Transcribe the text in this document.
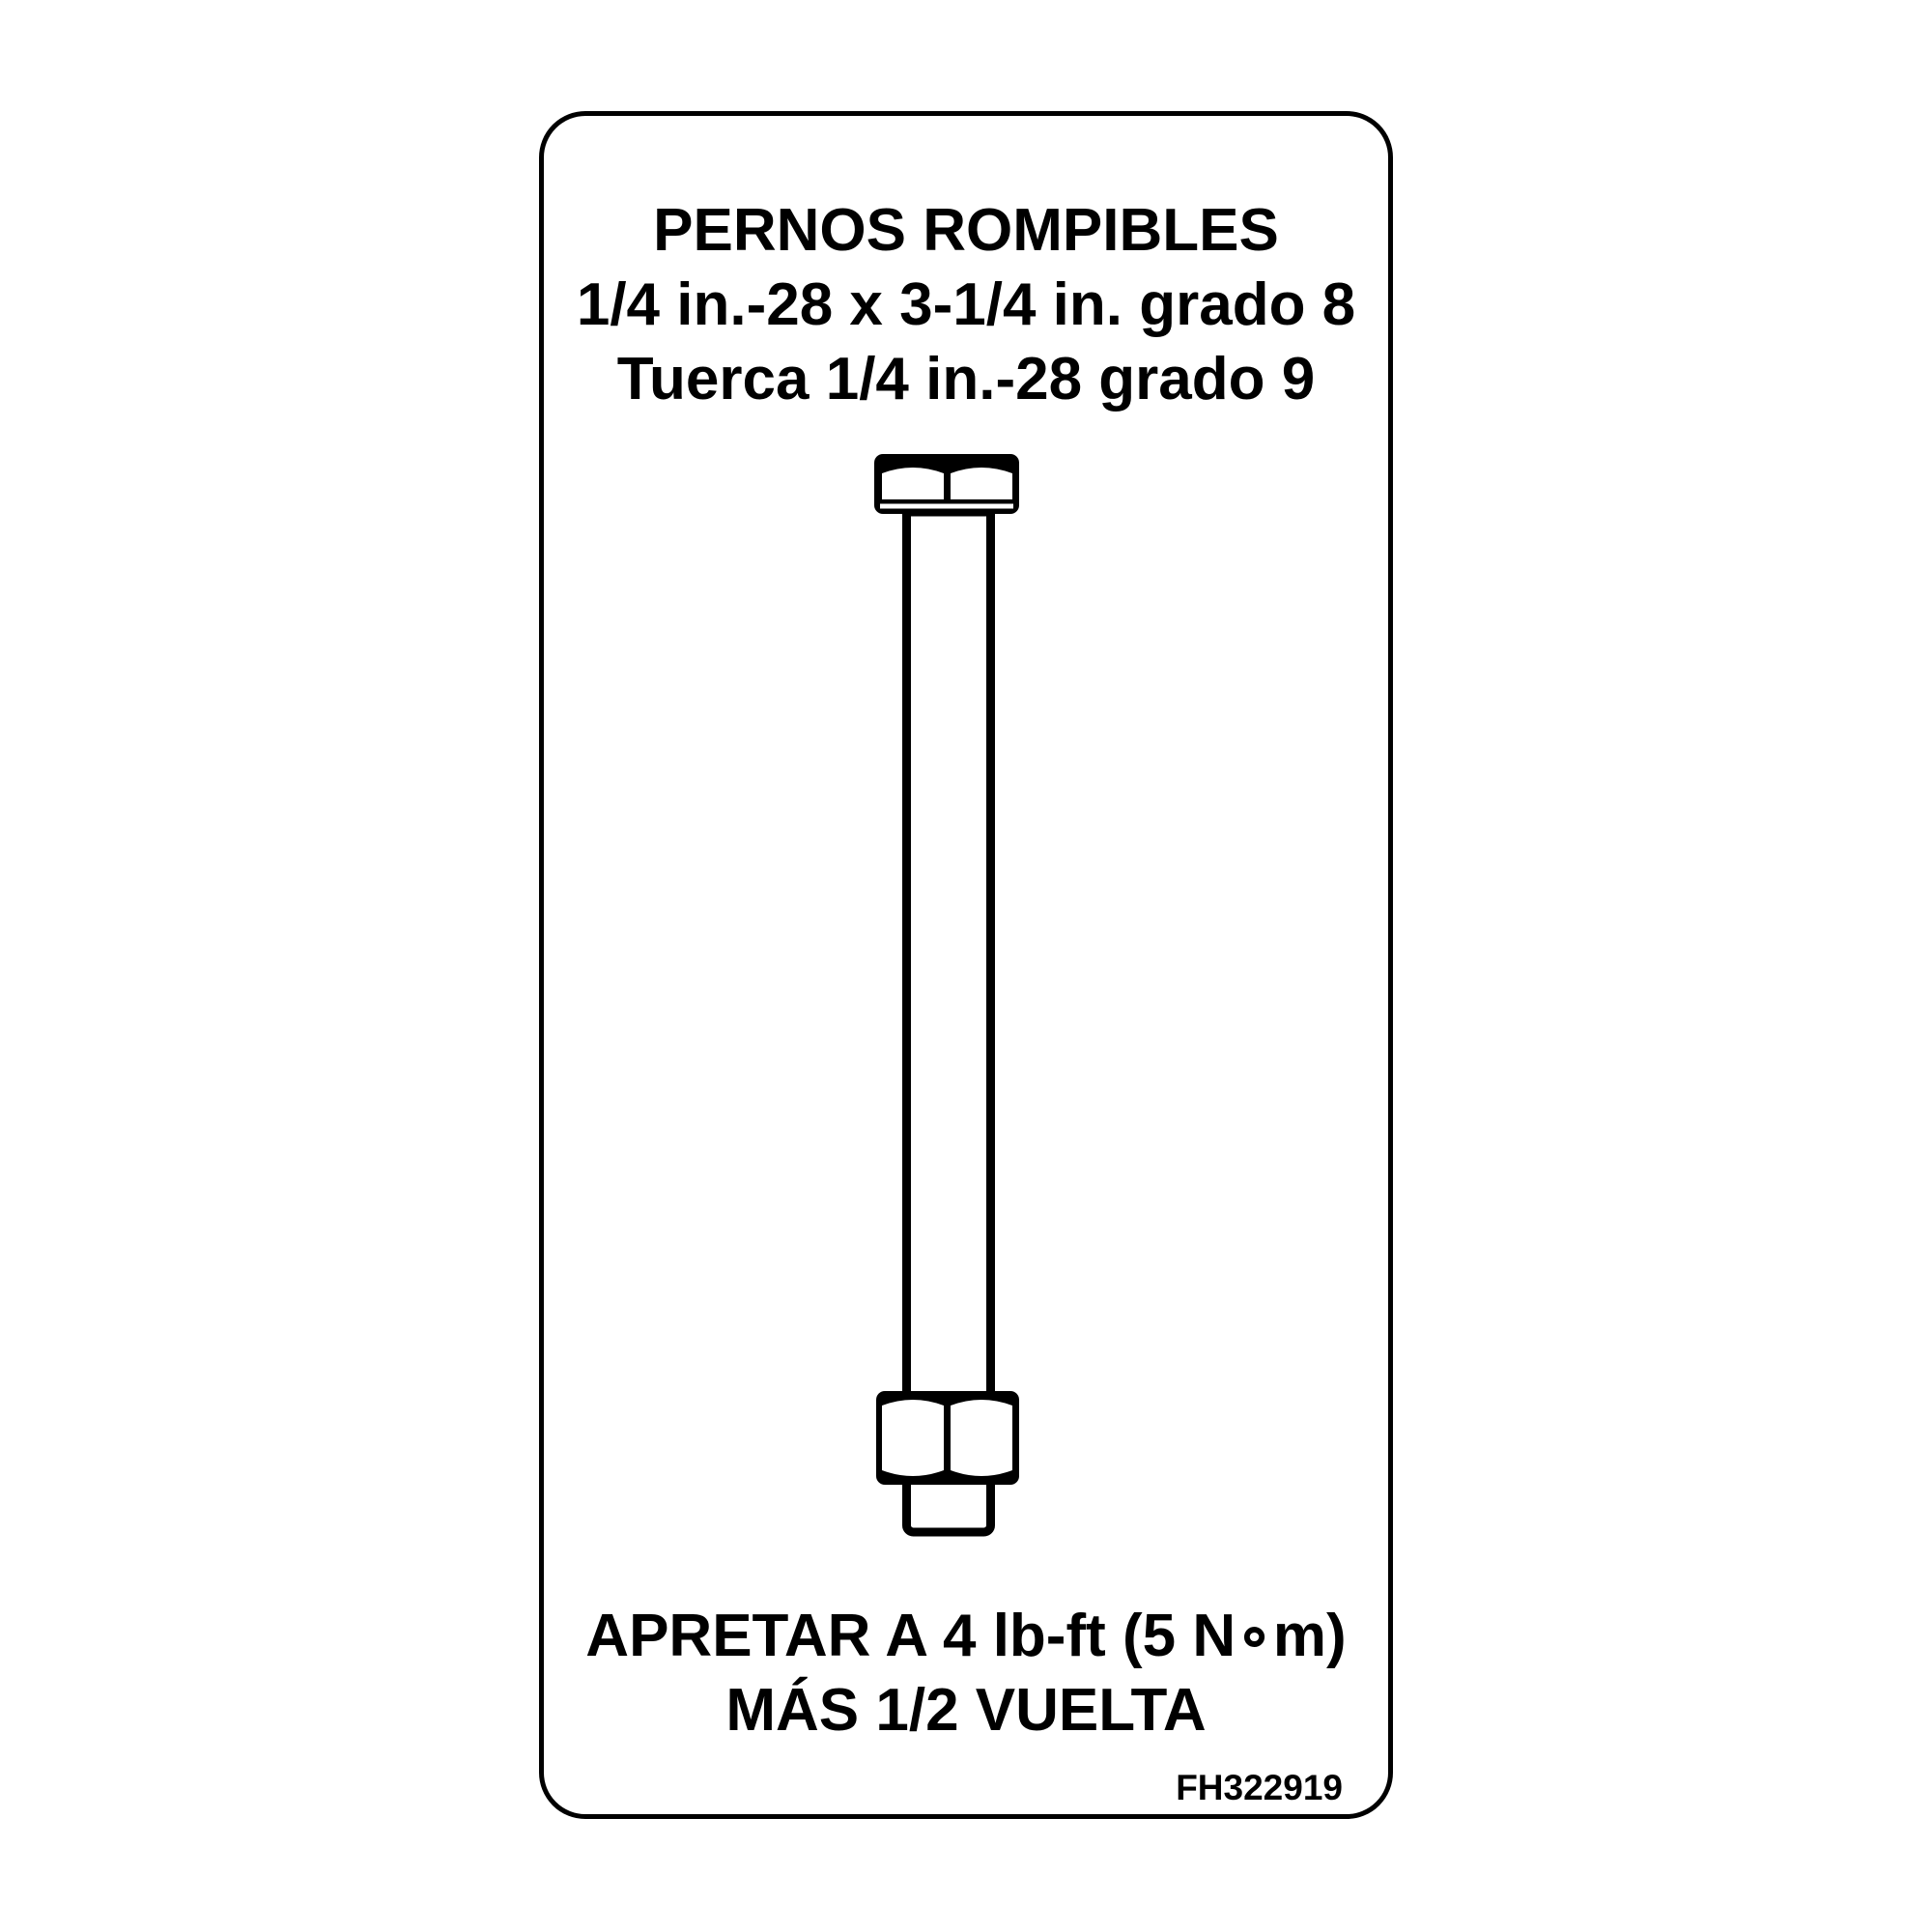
PERNOS ROMPIBLES
1/4 in.-28 x 3-1/4 in. grado 8
Tuerca 1/4 in.-28 grado 9
APRETAR A 4 lb-ft (5 N∘m)
MÁS 1/2 VUELTA
FH322919
